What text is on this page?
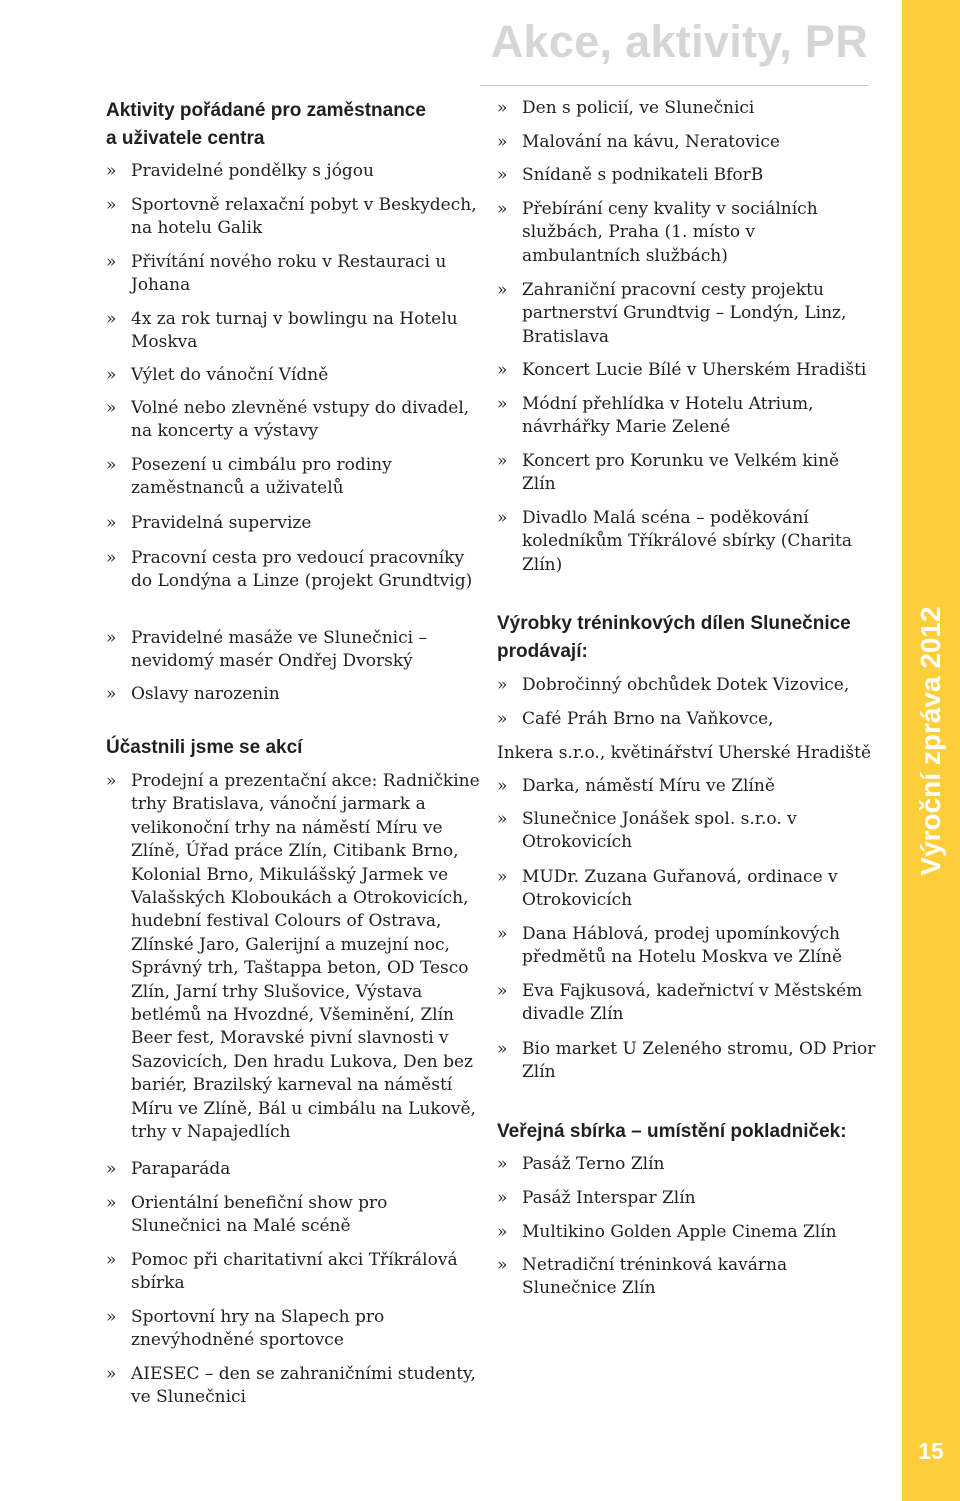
Akce, aktivity, PR
Výroční zpráva 2012
15
Aktivity pořádané pro zaměstnance
a uživatele centra
» Pravidelné pondělky s jógou
» Sportovně relaxační pobyt v Beskydech, na hotelu Galik
» Přivítání nového roku v Restauraci u Johana
» 4x za rok turnaj v bowlingu na Hotelu Moskva
» Výlet do vánoční Vídně
» Volné nebo zlevněné vstupy do divadel, na koncerty a výstavy
» Posezení u cimbálu pro rodiny zaměstnanců a uživatelů
» Pravidelná supervize
» Pracovní cesta pro vedoucí pracovníky do Londýna a Linze (projekt Grundtvig)
» Pravidelné masáže ve Slunečnici – nevidomý masér Ondřej Dvorský
» Oslavy narozenin
Účastnili jsme se akcí
» Prodejní a prezentační akce: Radničkine trhy Bratislava, vánoční jarmark a velikonoční trhy na náměstí Míru ve Zlíně, Úřad práce Zlín, Citibank Brno, Kolonial Brno, Mikulášský Jarmek ve Valašských Kloboukách a Otrokovicích, hudební festival Colours of Ostrava, Zlínské Jaro, Galerijní a muzejní noc, Správný trh, Taštappa beton, OD Tesco Zlín, Jarní trhy Slušovice, Výstava betlémů na Hvozdné, Všeminění, Zlín Beer fest, Moravské pivní slavnosti v Sazovicích, Den hradu Lukova, Den bez bariér, Brazilský karneval na náměstí Míru ve Zlíně, Bál u cimbálu na Lukově, trhy v Napajedlích
» Paraparáda
» Orientální benefiční show pro Slunečnici na Malé scéně
» Pomoc při charitativní akci Tříkrálová sbírka
» Sportovní hry na Slapech pro znevýhodněné sportovce
» AIESEC – den se zahraničními studenty, ve Slunečnici
» Den s policií, ve Slunečnici
» Malování na kávu, Neratovice
» Snídaně s podnikateli BforB
» Přebírání ceny kvality v sociálních službách, Praha (1. místo v ambulantních službách)
» Zahraniční pracovní cesty projektu partnerství Grundtvig – Londýn, Linz, Bratislava
» Koncert Lucie Bílé v Uherském Hradišti
» Módní přehlídka v Hotelu Atrium, návrhářky Marie Zelené
» Koncert pro Korunku ve Velkém kině Zlín
» Divadlo Malá scéna – poděkování koledníkům Tříkrálové sbírky (Charita Zlín)
Výrobky tréninkových dílen Slunečnice
prodávají:
» Dobročinný obchůdek Dotek Vizovice,
» Café Práh Brno na Vaňkovce,
Inkera s.r.o., květinářství Uherské Hradiště
» Darka, náměstí Míru ve Zlíně
» Slunečnice Jonášek spol. s.r.o. v Otrokovicích
» MUDr. Zuzana Guřanová, ordinace v Otrokovicích
» Dana Háblová, prodej upomínkových předmětů na Hotelu Moskva ve Zlíně
» Eva Fajkusová, kadeřnictví v Městském divadle Zlín
» Bio market U Zeleného stromu, OD Prior Zlín
Veřejná sbírka – umístění pokladniček:
» Pasáž Terno Zlín
» Pasáž Interspar Zlín
» Multikino Golden Apple Cinema Zlín
» Netradiční tréninková kavárna Slunečnice Zlín
